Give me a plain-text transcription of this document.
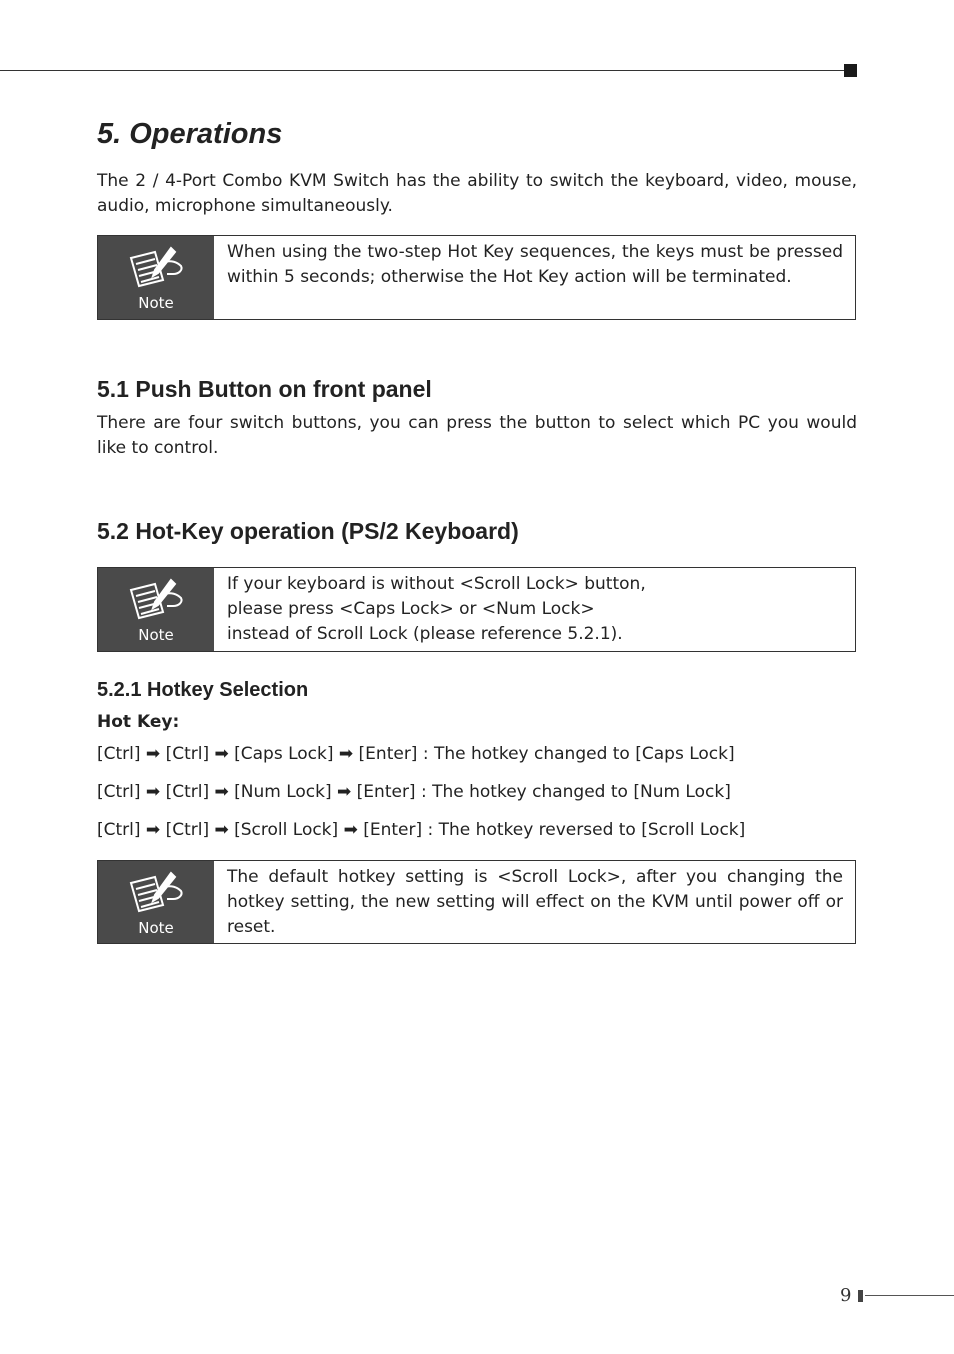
5. Operations

The 2 / 4-Port Combo KVM Switch has the ability to switch the keyboard, video, mouse, audio, microphone simultaneously.

Note
When using the two-step Hot Key sequences, the keys must be pressed within 5 seconds; otherwise the Hot Key action will be terminated.
5.1 Push Button on front panel

There are four switch buttons, you can press the button to select which PC you would like to control.

5.2 Hot-Key operation (PS/2 Keyboard)
Note
If your keyboard is without <Scroll Lock> button,
please press <Caps Lock> or <Num Lock>
instead of Scroll Lock (please reference 5.2.1).
5.2.1 Hotkey Selection

Hot Key:

[Ctrl] ➡ [Ctrl] ➡ [Caps Lock] ➡ [Enter] : The hotkey changed to [Caps Lock]

[Ctrl] ➡ [Ctrl] ➡ [Num Lock] ➡ [Enter] : The hotkey changed to [Num Lock]

[Ctrl] ➡ [Ctrl] ➡ [Scroll Lock] ➡ [Enter] : The hotkey reversed to [Scroll Lock]

Note
The default hotkey setting is <Scroll Lock>, after you changing the hotkey setting, the new setting will effect on the KVM until power off or reset.
9
